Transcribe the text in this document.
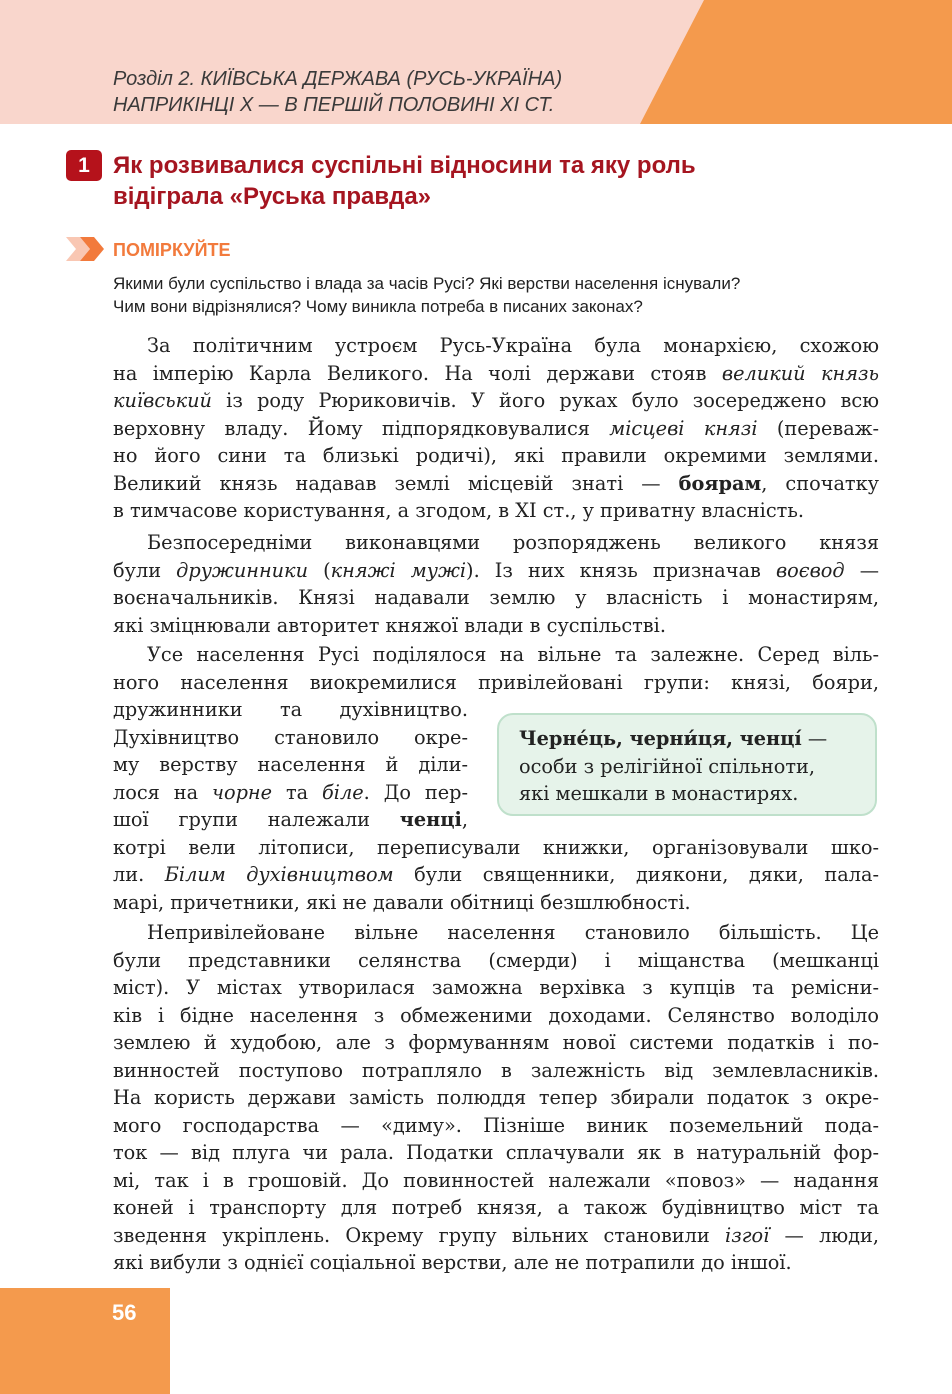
Розділ 2. КИЇВСЬКА ДЕРЖАВА (РУСЬ-УКРАЇНА)
НАПРИКІНЦІ Х — В ПЕРШІЙ ПОЛОВИНІ ХІ СТ.
1 Як розвивалися суспільні відносини та яку роль
відіграла «Руська правда»
ПОМІРКУЙТЕ
Якими були суспільство і влада за часів Русі? Які верстви населення існували?
Чим вони відрізнялися? Чому виникла потреба в писаних законах?
За політичним устроєм Русь-Україна була монархією, схожою
на імперію Карла Великого. На чолі держави стояв великий князь
київський із роду Рюриковичів. У його руках було зосереджено всю
верховну владу. Йому підпорядковувалися місцеві князі (переваж-
но його сини та близькі родичі), які правили окремими землями.
Великий князь надавав землі місцевій знаті — боярам, спочатку
в тимчасове користування, а згодом, в ХІ ст., у приватну власність.
Безпосередніми виконавцями розпоряджень великого князя
були дружинники (княжі мужі). Із них князь призначав воєвод —
воєначальників. Князі надавали землю у власність і монастирям,
які зміцнювали авторитет княжої влади в суспільстві.
Усе населення Русі поділялося на вільне та залежне. Серед віль-
ного населення виокремилися привілейовані групи: князі, бояри,
дружинники та духівництво.
Духівництво становило окре-
му верству населення й діли-
лося на чорне та біле. До пер-
шої групи належали ченці,
котрі вели літописи, переписували книжки, організовували шко-
ли. Білим духівництвом були священники, диякони, дяки, пала-
марі, причетники, які не давали обітниці безшлюбності.
Черне́ць, черни́ця, ченці́ —
особи з релігійної спільноти,
які мешкали в монастирях.
Непривілейоване вільне населення становило більшість. Це
були представники селянства (смерди) і міщанства (мешканці
міст). У містах утворилася заможна верхівка з купців та ремісни-
ків і бідне населення з обмеженими доходами. Селянство володіло
землею й худобою, але з формуванням нової системи податків і по-
винностей поступово потрапляло в залежність від землевласників.
На користь держави замість полюддя тепер збирали податок з окре-
мого господарства — «диму». Пізніше виник поземельний пода-
ток — від плуга чи рала. Податки сплачували як в натуральній фор-
мі, так і в грошовій. До повинностей належали «повоз» — надання
коней і транспорту для потреб князя, а також будівництво міст та
зведення укріплень. Окрему групу вільних становили ізгої — люди,
які вибули з однієї соціальної верстви, але не потрапили до іншої.
56
